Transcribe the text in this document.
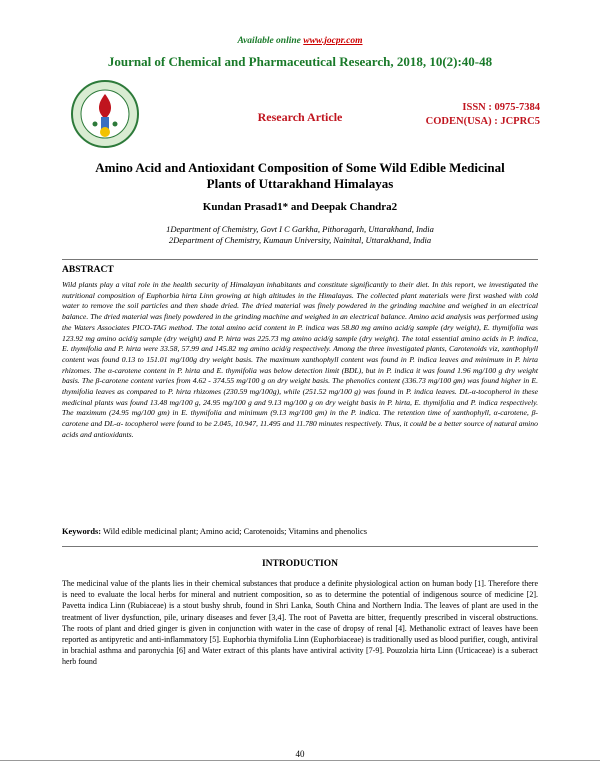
Available online www.jocpr.com
Journal of Chemical and Pharmaceutical Research, 2018, 10(2):40-48
Research Article
ISSN : 0975-7384
CODEN(USA) : JCPRC5
Amino Acid and Antioxidant Composition of Some Wild Edible Medicinal
Plants of Uttarakhand Himalayas
Kundan Prasad1* and Deepak Chandra2
1Department of Chemistry, Govt I C Garkha, Pithoragarh, Uttarakhand, India
2Department of Chemistry, Kumaun University, Nainital, Uttarakhand, India
ABSTRACT

Wild plants play a vital role in the health security of Himalayan inhabitants and constitute significantly to their diet. In this report, we investigated the nutritional composition of Euphorbia hirta Linn growing at high altitudes in the Himalayas. The collected plant materials were first washed with cold water to remove the soil particles and then shade dried. The dried material was finely powdered in the grinding machine and weighed in an electrical balance. The dried material was finely powdered in the grinding machine and weighed in an electrical balance. Amino acid analysis was performed using the Waters Associates PICO-TAG method. The total amino acid content in P. indica was 58.80 mg amino acid/g sample (dry weight), E. thymifolia was 123.92 mg amino acid/g sample (dry weight) and P. hirta was 225.73 mg amino acid/g sample (dry weight). The total essential amino acids in P. indica, E. thymifolia and P. hirta were 33.58, 57.99 and 145.82 mg amino acid/g respectively. Among the three investigated plants, Carotenoids viz, xanthophyll content was found 0.13 to 151.01 mg/100g dry weight basis. The maximum xanthophyll content was found in P. indica leaves and minimum in P. hirta rhizomes. The α-carotene content in P. hirta and E. thymifolia was below detection limit (BDL), but in P. indica it was found 1.96 mg/100 g dry weight basis. The β-carotene content varies from 4.62 - 374.55 mg/100 g on dry weight basis. The phenolics content (336.73 mg/100 gm) was found higher in E. thymifolia leaves as compared to P. hirta rhizomes (230.59 mg/100g), while (251.52 mg/100 g) was found in P. indica leaves. DL-α-tocopherol in these medicinal plants was found 13.48 mg/100 g, 24.95 mg/100 g and 9.13 mg/100 g on dry weight basis in P. hirta, E. thymifolia and P. indica respectively. The maximum (24.95 mg/100 gm) in E. thymifolia and minimum (9.13 mg/100 gm) in the P. indica. The retention time of xanthophyll, α-carotene, β-carotene and DL-α- tocopherol were found to be 2.045, 10.947, 11.495 and 11.780 minutes respectively. Thus, it could be a better source of natural amino acids and antioxidants.

Keywords: Wild edible medicinal plant; Amino acid; Carotenoids; Vitamins and phenolics
INTRODUCTION

The medicinal value of the plants lies in their chemical substances that produce a definite physiological action on human body [1]. Therefore there is need to evaluate the local herbs for mineral and nutrient composition, so as to determine the potential of indigenous source of medicine [2]. Pavetta indica Linn (Rubiaceae) is a stout bushy shrub, found in Shri Lanka, South China and Northern India. The leaves of plant are used in the treatment of liver dysfunction, pile, urinary diseases and fever [3,4]. The root of Pavetta are bitter, frequently prescribed in visceral obstructions. The roots of plant and dried ginger is given in conjunction with water in the case of dropsy of renal [4]. Methanolic extract of leaves have been reported as antipyretic and anti-inflammatory [5]. Euphorbia thymifolia Linn (Euphorbiaceae) is traditionally used as blood purifier, cough, antiviral in brachial asthma and paronychia [6] and Water extract of this plants have antiviral activity [7-9]. Pouzolzia hirta Linn (Urticaceae) is a suberact herb found

40
